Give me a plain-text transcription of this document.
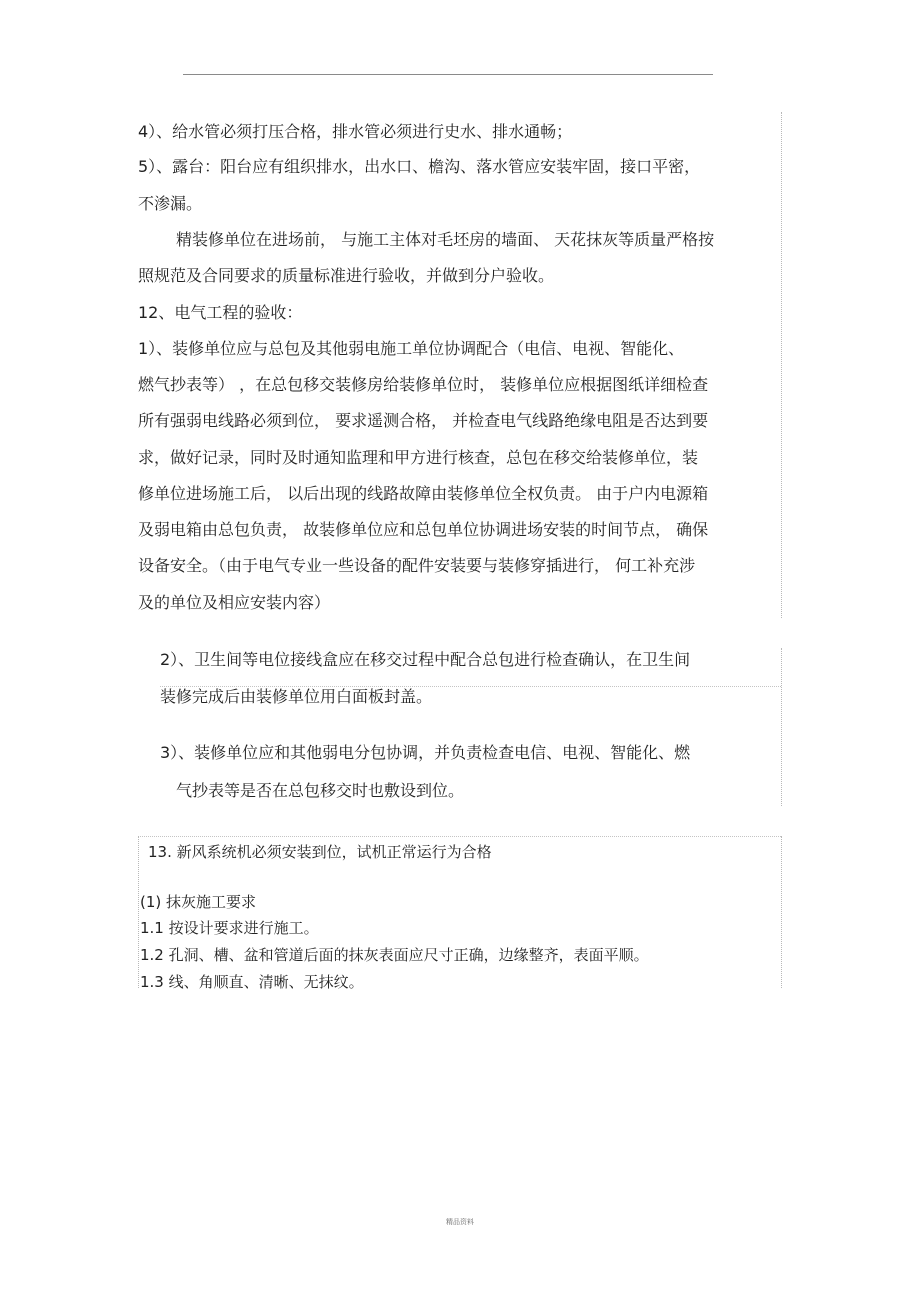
4）、给水管必须打压合格，排水管必须进行史水、排水通畅；
5）、露台：阳台应有组织排水，出水口、檐沟、落水管应安装牢固，接口平密，
不渗漏。
精装修单位在进场前， 与施工主体对毛坯房的墙面、 天花抹灰等质量严格按
照规范及合同要求的质量标准进行验收，并做到分户验收。
12、电气工程的验收：
1）、装修单位应与总包及其他弱电施工单位协调配合（电信、电视、智能化、
燃气抄表等） ，在总包移交装修房给装修单位时， 装修单位应根据图纸详细检查
所有强弱电线路必须到位， 要求遥测合格， 并检查电气线路绝缘电阻是否达到要
求，做好记录，同时及时通知监理和甲方进行核查，总包在移交给装修单位，装
修单位进场施工后， 以后出现的线路故障由装修单位全权负责。 由于户内电源箱
及弱电箱由总包负责， 故装修单位应和总包单位协调进场安装的时间节点， 确保
设备安全。（由于电气专业一些设备的配件安装要与装修穿插进行， 何工补充涉
及的单位及相应安装内容）
2）、卫生间等电位接线盒应在移交过程中配合总包进行检查确认，在卫生间
装修完成后由装修单位用白面板封盖。
3）、装修单位应和其他弱电分包协调，并负责检查电信、电视、智能化、燃
气抄表等是否在总包移交时也敷设到位。
13. 新风系统机必须安装到位，试机正常运行为合格
(1) 抹灰施工要求
1.1 按设计要求进行施工。
1.2 孔洞、槽、盆和管道后面的抹灰表面应尺寸正确，边缘整齐，表面平顺。
1.3 线、角顺直、清晰、无抹纹。
精品资料
